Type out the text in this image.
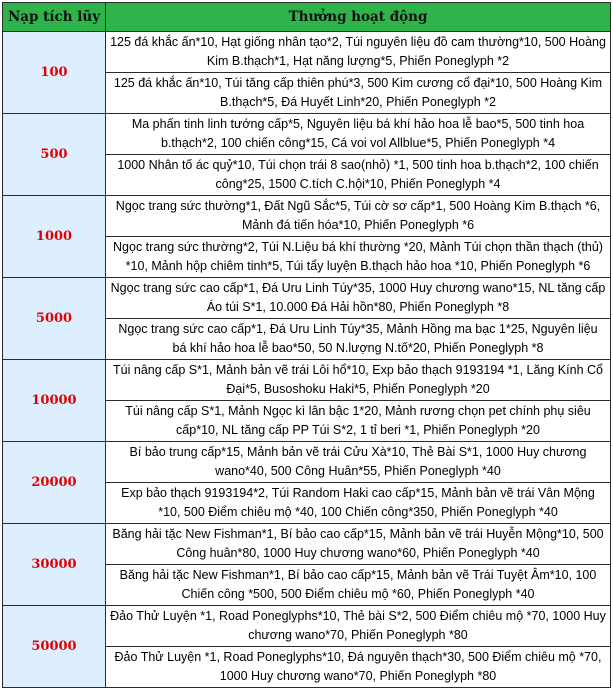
Nạp tích lũy	Thưởng hoạt động
100	125 đá khắc ấn*10, Hạt giống nhân tạo*2, Túi nguyên liệu đồ cam thường*10, 500 Hoàng Kim B.thạch*1, Hạt năng lượng*5, Phiến Poneglyph *2
	125 đá khắc ấn*10, Túi tăng cấp thiên phú*3, 500 Kim cương cổ đại*10, 500 Hoàng Kim B.thạch*5, Đá Huyết Linh*20, Phiến Poneglyph *2
500	Ma phấn tinh linh tướng cấp*5, Nguyên liệu bá khí hảo hoa lễ bao*5, 500 tinh hoa b.thạch*2, 100 chiến công*15, Cá voi vol Allblue*5, Phiến Poneglyph *4
	1000 Nhân tố ác quỷ*10, Túi chọn trái 8 sao(nhỏ) *1, 500 tinh hoa b.thạch*2, 100 chiến công*25, 1500 C.tích C.hội*10, Phiến Poneglyph *4
1000	Ngọc trang sức thường*1, Đất Ngũ Sắc*5, Túi cờ sơ cấp*1, 500 Hoàng Kim B.thạch *6, Mảnh đá tiến hóa*10, Phiến Poneglyph *6
	Ngọc trang sức thường*2, Túi N.Liệu bá khí thường *20, Mảnh Túi chọn thần thạch (thủ) *10, Mảnh hộp chiêm tinh*5, Túi tẩy luyện B.thạch hảo hoa *10, Phiến Poneglyph *6
5000	Ngọc trang sức cao cấp*1, Đá Uru Linh Túy*35, 1000 Huy chương wano*15, NL tăng cấp Áo túi S*1, 10.000 Đá Hải hồn*80, Phiến Poneglyph *8
	Ngọc trang sức cao cấp*1, Đá Uru Linh Túy*35, Mảnh Hồng ma bạc 1*25, Nguyên liệu bá khí hảo hoa lễ bao*50, 50 N.lượng N.tố*20, Phiến Poneglyph *8
10000	Túi nâng cấp S*1, Mảnh bản vẽ trái Lôi hổ*10, Exp bảo thạch 9193194 *1, Lăng Kính Cổ Đại*5, Busoshoku Haki*5, Phiến Poneglyph *20
	Túi nâng cấp S*1, Mảnh Ngọc kì lân bậc 1*20, Mảnh rương chọn pet chính phụ siêu cấp*10, NL tăng cấp PP Túi S*2, 1 tỉ beri *1, Phiến Poneglyph *20
20000	Bí bảo trung cấp*15, Mảnh bản vẽ trái Cửu Xà*10, Thẻ Bài S*1, 1000 Huy chương wano*40, 500 Công Huân*55, Phiến Poneglyph *40
	Exp bảo thạch 9193194*2, Túi Random Haki cao cấp*15, Mảnh bản vẽ trái Vân Mộng *10, 500 Điểm chiêu mộ *40, 100 Chiến công*350, Phiến Poneglyph *40
30000	Băng hải tặc New Fishman*1, Bí bảo cao cấp*15, Mảnh bản vẽ trái Huyễn Mộng*10, 500 Công huân*80, 1000 Huy chương wano*60, Phiến Poneglyph *40
	Băng hải tặc New Fishman*1, Bí bảo cao cấp*15, Mảnh bản vẽ Trái Tuyệt Âm*10, 100 Chiến công *500, 500 Điểm chiêu mộ *60, Phiến Poneglyph *40
50000	Đảo Thử Luyện *1, Road Poneglyphs*10, Thẻ bài S*2, 500 Điểm chiêu mộ *70, 1000 Huy chương wano*70, Phiến Poneglyph *80
	Đảo Thử Luyện *1, Road Poneglyphs*10, Đá nguyên thạch*30, 500 Điểm chiêu mộ *70, 1000 Huy chương wano*70, Phiến Poneglyph *80
